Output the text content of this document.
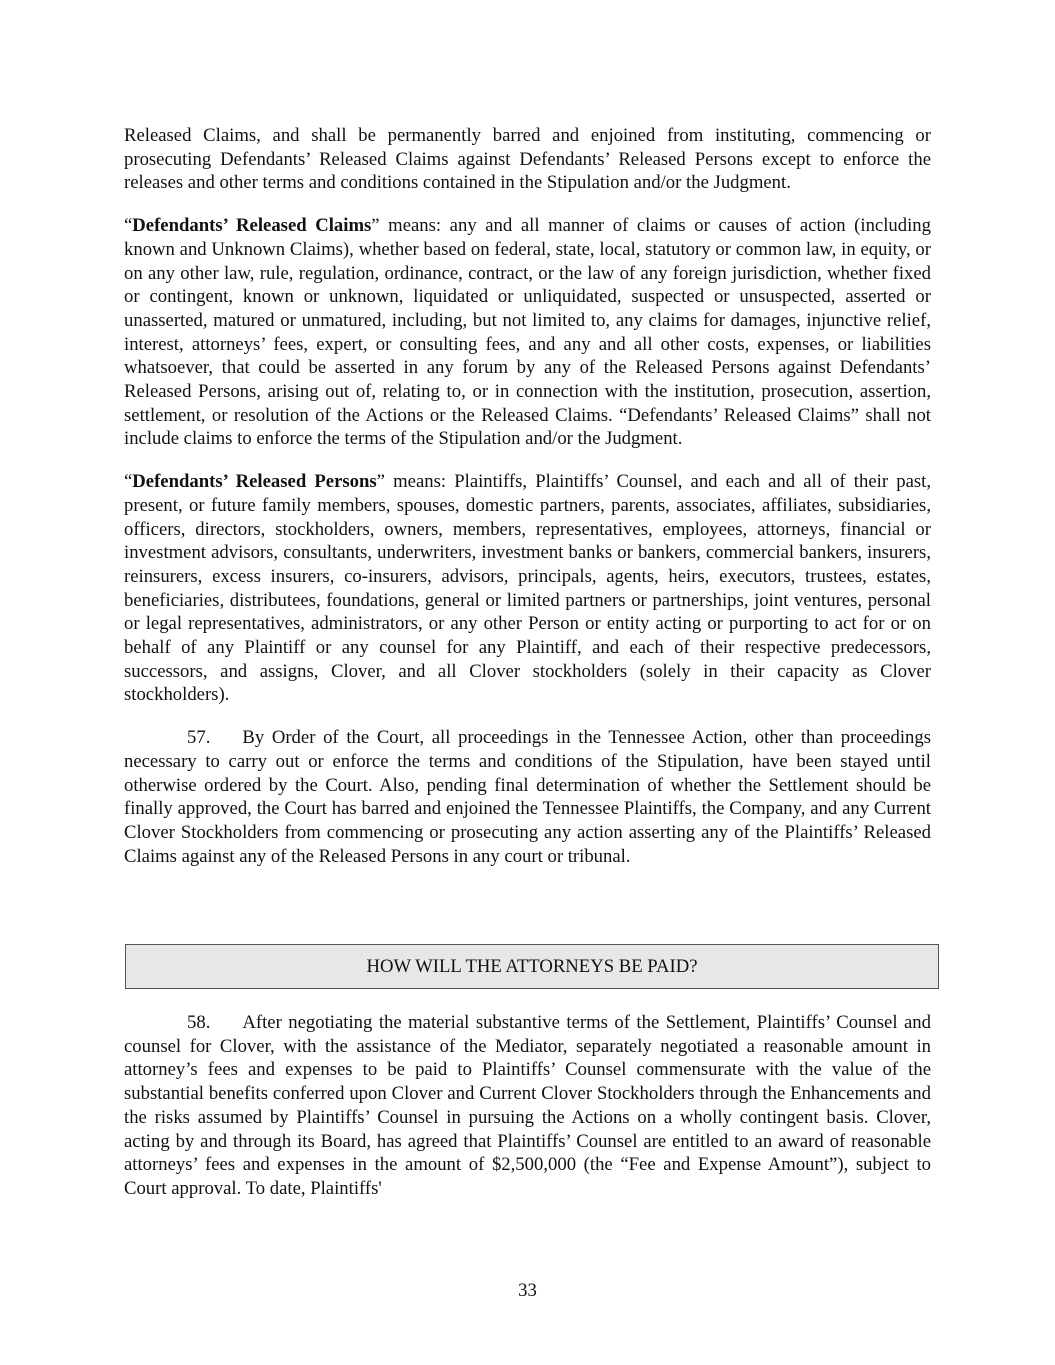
Released Claims, and shall be permanently barred and enjoined from instituting, commencing or prosecuting Defendants’ Released Claims against Defendants’ Released Persons except to enforce the releases and other terms and conditions contained in the Stipulation and/or the Judgment.

“Defendants’ Released Claims” means: any and all manner of claims or causes of action (including known and Unknown Claims), whether based on federal, state, local, statutory or common law, in equity, or on any other law, rule, regulation, ordinance, contract, or the law of any foreign jurisdiction, whether fixed or contingent, known or unknown, liquidated or unliquidated, suspected or unsuspected, asserted or unasserted, matured or unmatured, including, but not limited to, any claims for damages, injunctive relief, interest, attorneys’ fees, expert, or consulting fees, and any and all other costs, expenses, or liabilities whatsoever, that could be asserted in any forum by any of the Released Persons against Defendants’ Released Persons, arising out of, relating to, or in connection with the institution, prosecution, assertion, settlement, or resolution of the Actions or the Released Claims. “Defendants’ Released Claims” shall not include claims to enforce the terms of the Stipulation and/or the Judgment.

“Defendants’ Released Persons” means: Plaintiffs, Plaintiffs’ Counsel, and each and all of their past, present, or future family members, spouses, domestic partners, parents, associates, affiliates, subsidiaries, officers, directors, stockholders, owners, members, representatives, employees, attorneys, financial or investment advisors, consultants, underwriters, investment banks or bankers, commercial bankers, insurers, reinsurers, excess insurers, co-insurers, advisors, principals, agents, heirs, executors, trustees, estates, beneficiaries, distributees, foundations, general or limited partners or partnerships, joint ventures, personal or legal representatives, administrators, or any other Person or entity acting or purporting to act for or on behalf of any Plaintiff or any counsel for any Plaintiff, and each of their respective predecessors, successors, and assigns, Clover, and all Clover stockholders (solely in their capacity as Clover stockholders).

57. By Order of the Court, all proceedings in the Tennessee Action, other than proceedings necessary to carry out or enforce the terms and conditions of the Stipulation, have been stayed until otherwise ordered by the Court. Also, pending final determination of whether the Settlement should be finally approved, the Court has barred and enjoined the Tennessee Plaintiffs, the Company, and any Current Clover Stockholders from commencing or prosecuting any action asserting any of the Plaintiffs’ Released Claims against any of the Released Persons in any court or tribunal.

HOW WILL THE ATTORNEYS BE PAID?

58. After negotiating the material substantive terms of the Settlement, Plaintiffs’ Counsel and counsel for Clover, with the assistance of the Mediator, separately negotiated a reasonable amount in attorney’s fees and expenses to be paid to Plaintiffs’ Counsel commensurate with the value of the substantial benefits conferred upon Clover and Current Clover Stockholders through the Enhancements and the risks assumed by Plaintiffs’ Counsel in pursuing the Actions on a wholly contingent basis. Clover, acting by and through its Board, has agreed that Plaintiffs’ Counsel are entitled to an award of reasonable attorneys’ fees and expenses in the amount of $2,500,000 (the “Fee and Expense Amount”), subject to Court approval. To date, Plaintiffs'

33
